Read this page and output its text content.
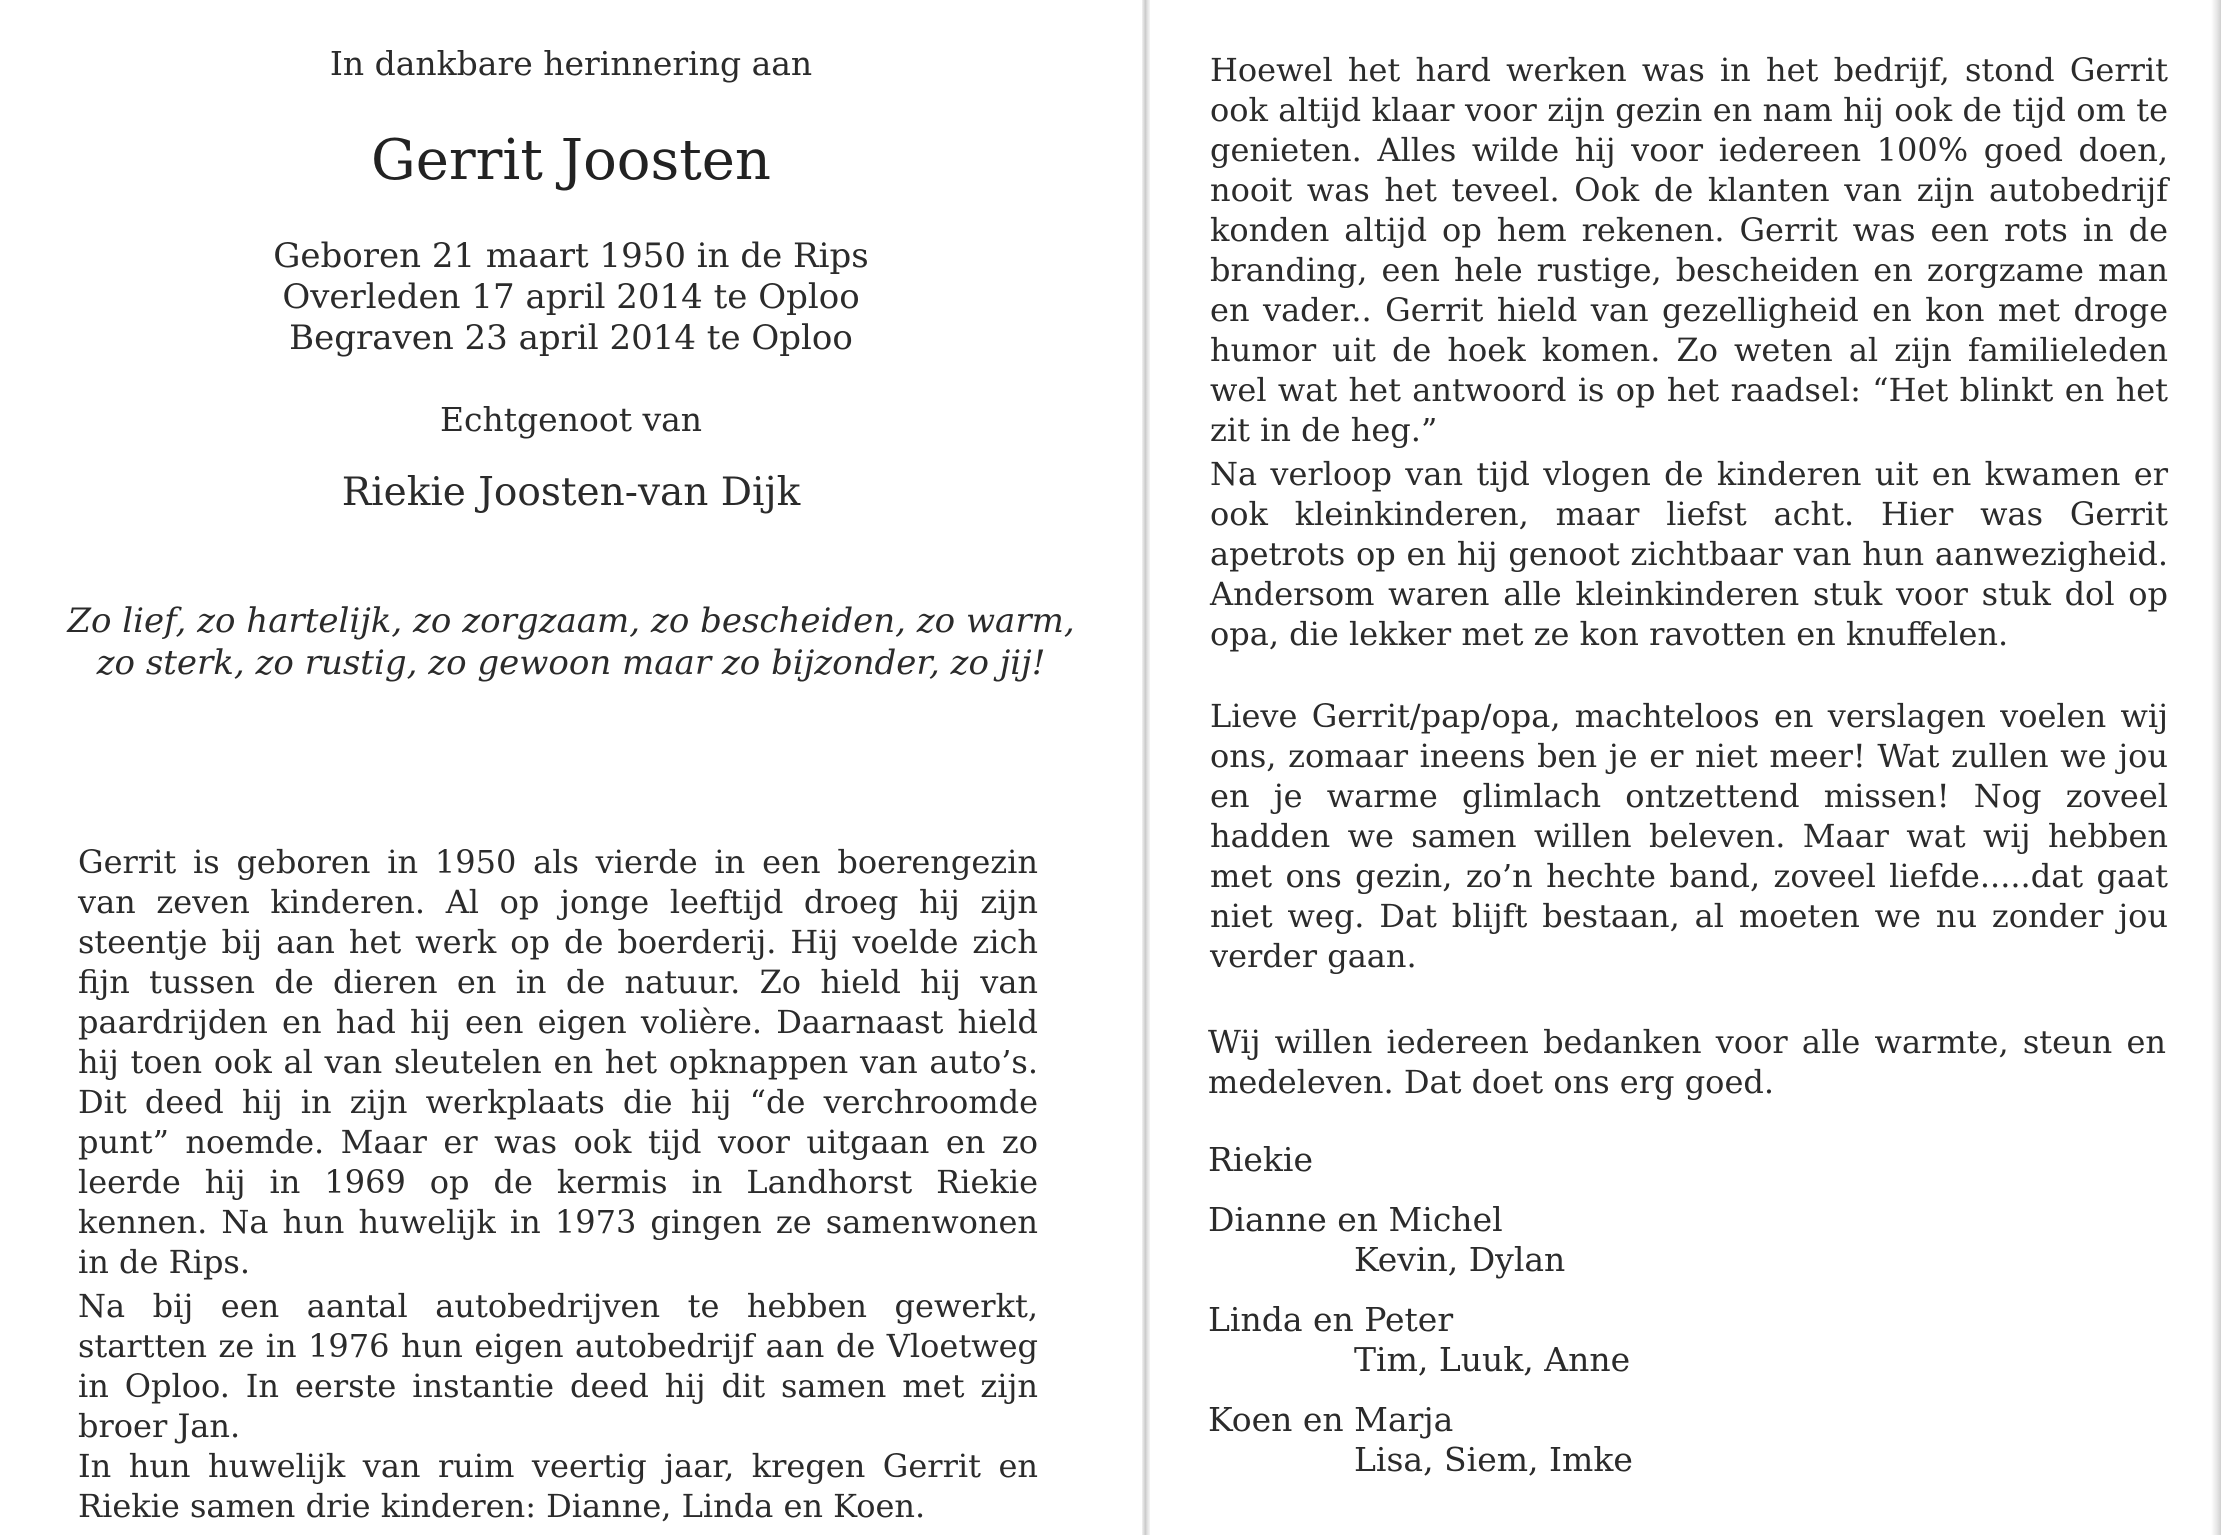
In dankbare herinnering aan

Gerrit Joosten

Geboren 21 maart 1950 in de Rips
Overleden 17 april 2014 te Oploo
Begraven 23 april 2014 te Oploo

Echtgenoot van

Riekie Joosten-van Dijk

Zo lief, zo hartelijk, zo zorgzaam, zo bescheiden, zo warm,
zo sterk, zo rustig, zo gewoon maar zo bijzonder, zo jij!

Gerrit is geboren in 1950 als vierde in een boerengezin van zeven kinderen. Al op jonge leeftijd droeg hij zijn steentje bij aan het werk op de boerderij. Hij voelde zich fijn tussen de dieren en in de natuur. Zo hield hij van paardrijden en had hij een eigen volière. Daarnaast hield hij toen ook al van sleutelen en het opknappen van auto’s. Dit deed hij in zijn werkplaats die hij “de verchroomde punt” noemde. Maar er was ook tijd voor uitgaan en zo leerde hij in 1969 op de kermis in Landhorst Riekie kennen. Na hun huwelijk in 1973 gingen ze samenwonen in de Rips.

Na bij een aantal autobedrijven te hebben gewerkt, startten ze in 1976 hun eigen autobedrijf aan de Vloetweg in Oploo. In eerste instantie deed hij dit samen met zijn broer Jan.
In hun huwelijk van ruim veertig jaar, kregen Gerrit en Riekie samen drie kinderen: Dianne, Linda en Koen.

Hoewel het hard werken was in het bedrijf, stond Gerrit ook altijd klaar voor zijn gezin en nam hij ook de tijd om te genieten. Alles wilde hij voor iedereen 100% goed doen, nooit was het teveel. Ook de klanten van zijn autobedrijf konden altijd op hem rekenen. Gerrit was een rots in de branding, een hele rustige, bescheiden en zorgzame man en vader.. Gerrit hield van gezelligheid en kon met droge humor uit de hoek komen. Zo weten al zijn familieleden wel wat het antwoord is op het raadsel: “Het blinkt en het zit in de heg.”

Na verloop van tijd vlogen de kinderen uit en kwamen er ook kleinkinderen, maar liefst acht. Hier was Gerrit apetrots op en hij genoot zichtbaar van hun aanwezigheid. Andersom waren alle kleinkinderen stuk voor stuk dol op opa, die lekker met ze kon ravotten en knuffelen.

Lieve Gerrit/pap/opa, machteloos en verslagen voelen wij ons, zomaar ineens ben je er niet meer! Wat zullen we jou en je warme glimlach ontzettend missen! Nog zoveel hadden we samen willen beleven. Maar wat wij hebben met ons gezin, zo’n hechte band, zoveel liefde.....dat gaat niet weg. Dat blijft bestaan, al moeten we nu zonder jou verder gaan.

Wij willen iedereen bedanken voor alle warmte, steun en medeleven. Dat doet ons erg goed.

Riekie

Dianne en Michel

Kevin, Dylan

Linda en Peter

Tim, Luuk, Anne

Koen en Marja

Lisa, Siem, Imke
